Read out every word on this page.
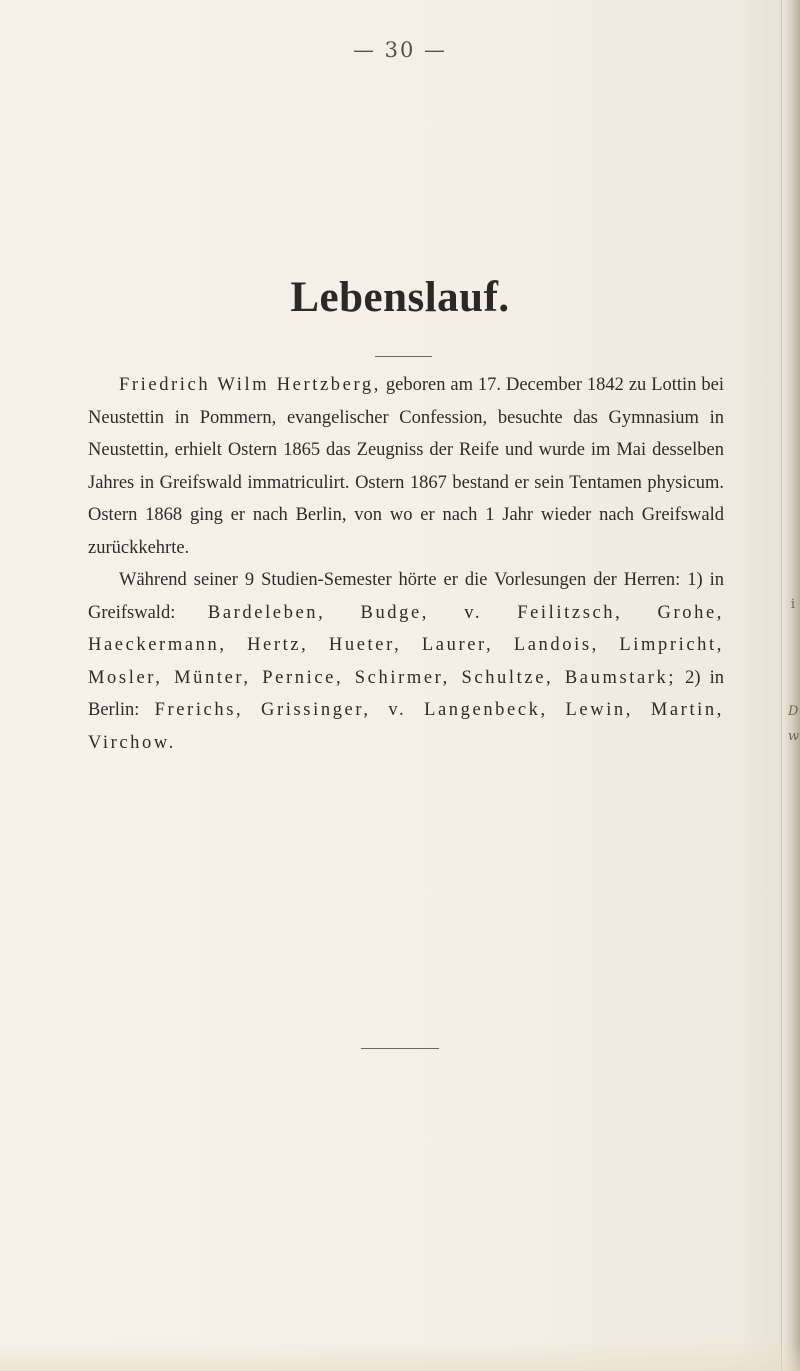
— 30 —
Lebenslauf.

Friedrich Wilm Hertzberg, geboren am 17. December 1842 zu Lottin bei Neustettin in Pommern, evangelischer Confession, besuchte das Gymnasium in Neustettin, erhielt Ostern 1865 das Zeugniss der Reife und wurde im Mai desselben Jahres in Greifswald immatriculirt. Ostern 1867 bestand er sein Tentamen physicum. Ostern 1868 ging er nach Berlin, von wo er nach 1 Jahr wieder nach Greifswald zurückkehrte.

Während seiner 9 Studien-Semester hörte er die Vorlesungen der Herren: 1) in Greifswald: Bardeleben, Budge, v. Feilitzsch, Grohe, Haeckermann, Hertz, Hueter, Laurer, Landois, Limpricht, Mosler, Münter, Pernice, Schirmer, Schultze, Baumstark; 2) in Berlin: Frerichs, Grissinger, v. Langenbeck, Lewin, Martin, Virchow.

i
D
w
